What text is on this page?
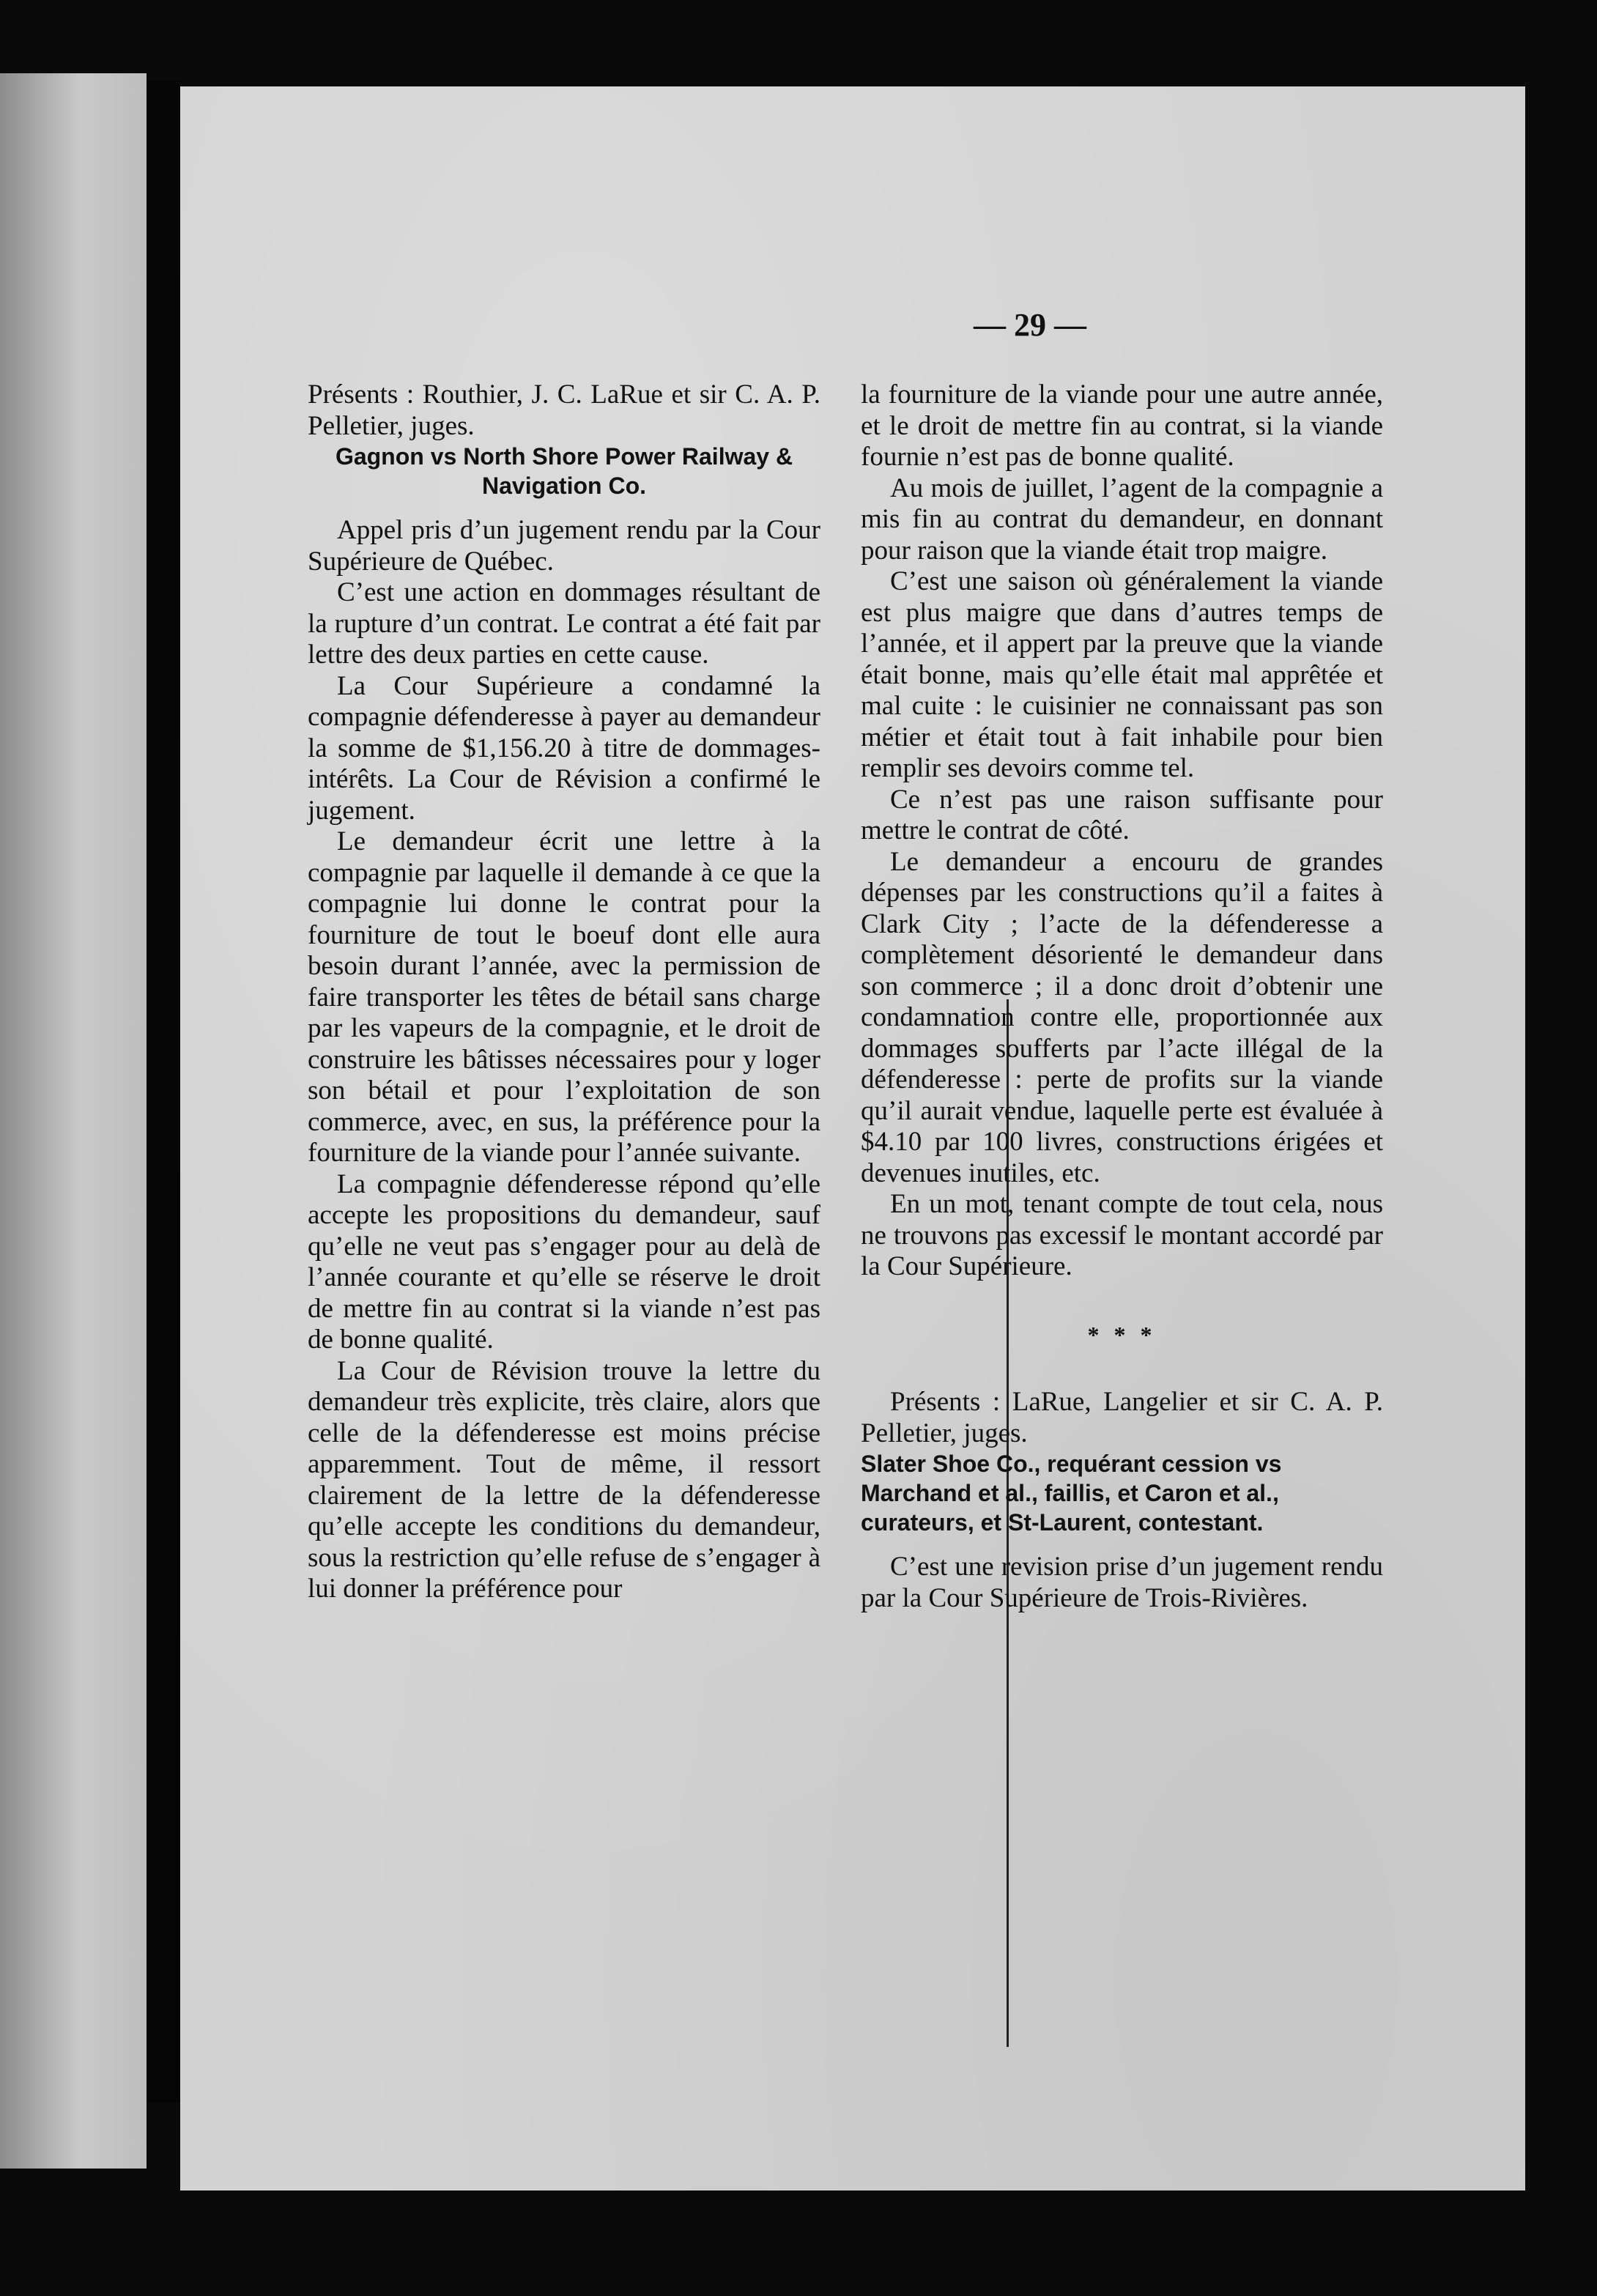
— 29 —

Présents : Routhier, J. C. LaRue et sir C. A. P. Pelletier, juges.

Gagnon vs North Shore Power Railway & Navigation Co.

Appel pris d’un jugement rendu par la Cour Supérieure de Québec.

C’est une action en dommages résultant de la rupture d’un contrat. Le contrat a été fait par lettre des deux parties en cette cause.

La Cour Supérieure a condamné la compagnie défenderesse à payer au demandeur la somme de $1,156.20 à titre de dommages-intérêts. La Cour de Révision a confirmé le jugement.

Le demandeur écrit une lettre à la compagnie par laquelle il demande à ce que la compagnie lui donne le contrat pour la fourniture de tout le boeuf dont elle aura besoin durant l’année, avec la permission de faire transporter les têtes de bétail sans charge par les vapeurs de la compagnie, et le droit de construire les bâtisses nécessaires pour y loger son bétail et pour l’exploitation de son commerce, avec, en sus, la préférence pour la fourniture de la viande pour l’année suivante.

La compagnie défenderesse répond qu’elle accepte les propositions du demandeur, sauf qu’elle ne veut pas s’engager pour au delà de l’année courante et qu’elle se réserve le droit de mettre fin au contrat si la viande n’est pas de bonne qualité.

La Cour de Révision trouve la lettre du demandeur très explicite, très claire, alors que celle de la défenderesse est moins précise apparemment. Tout de même, il ressort clairement de la lettre de la défenderesse qu’elle accepte les conditions du demandeur, sous la restriction qu’elle refuse de s’engager à lui donner la préférence pour

la fourniture de la viande pour une autre année, et le droit de mettre fin au contrat, si la viande fournie n’est pas de bonne qualité.

Au mois de juillet, l’agent de la compagnie a mis fin au contrat du demandeur, en donnant pour raison que la viande était trop maigre.

C’est une saison où généralement la viande est plus maigre que dans d’autres temps de l’année, et il appert par la preuve que la viande était bonne, mais qu’elle était mal apprêtée et mal cuite : le cuisinier ne connaissant pas son métier et était tout à fait inhabile pour bien remplir ses devoirs comme tel.

Ce n’est pas une raison suffisante pour mettre le contrat de côté.

Le demandeur a encouru de grandes dépenses par les constructions qu’il a faites à Clark City ; l’acte de la défenderesse a complètement désorienté le demandeur dans son commerce ; il a donc droit d’obtenir une condamnation contre elle, proportionnée aux dommages soufferts par l’acte illégal de la défenderesse : perte de profits sur la viande qu’il aurait vendue, laquelle perte est évaluée à $4.10 par 100 livres, constructions érigées et devenues inutiles, etc.

En un mot, tenant compte de tout cela, nous ne trouvons pas excessif le montant accordé par la Cour Supérieure.

* * *

Présents : LaRue, Langelier et sir C. A. P. Pelletier, juges.

Slater Shoe Co., requérant cession vs Marchand et al., faillis, et Caron et al., curateurs, et St-Laurent, contestant.

C’est une revision prise d’un jugement rendu par la Cour Supérieure de Trois-Rivières.
